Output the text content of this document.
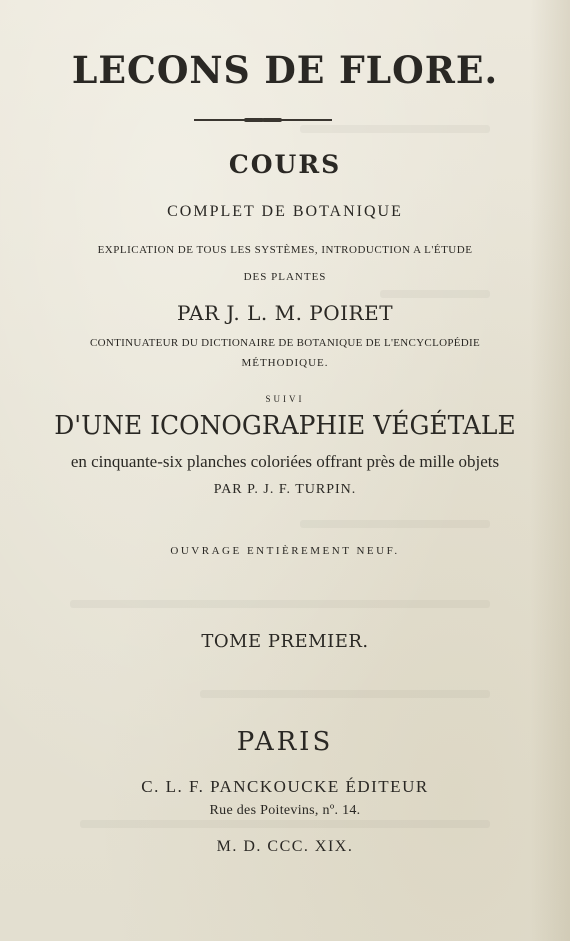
LECONS DE FLORE.
COURS
COMPLET DE BOTANIQUE
EXPLICATION DE TOUS LES SYSTÈMES, INTRODUCTION A L'ÉTUDE
DES PLANTES
PAR J. L. M. POIRET
CONTINUATEUR DU DICTIONAIRE DE BOTANIQUE DE L'ENCYCLOPÉDIE
MÉTHODIQUE.
SUIVI
D'UNE ICONOGRAPHIE VÉGÉTALE
en cinquante-six planches coloriées offrant près de mille objets
PAR P. J. F. TURPIN.
OUVRAGE ENTIÈREMENT NEUF.
TOME PREMIER.
PARIS
C. L. F. PANCKOUCKE ÉDITEUR
Rue des Poitevins, nº. 14.
M. D. CCC. XIX.
